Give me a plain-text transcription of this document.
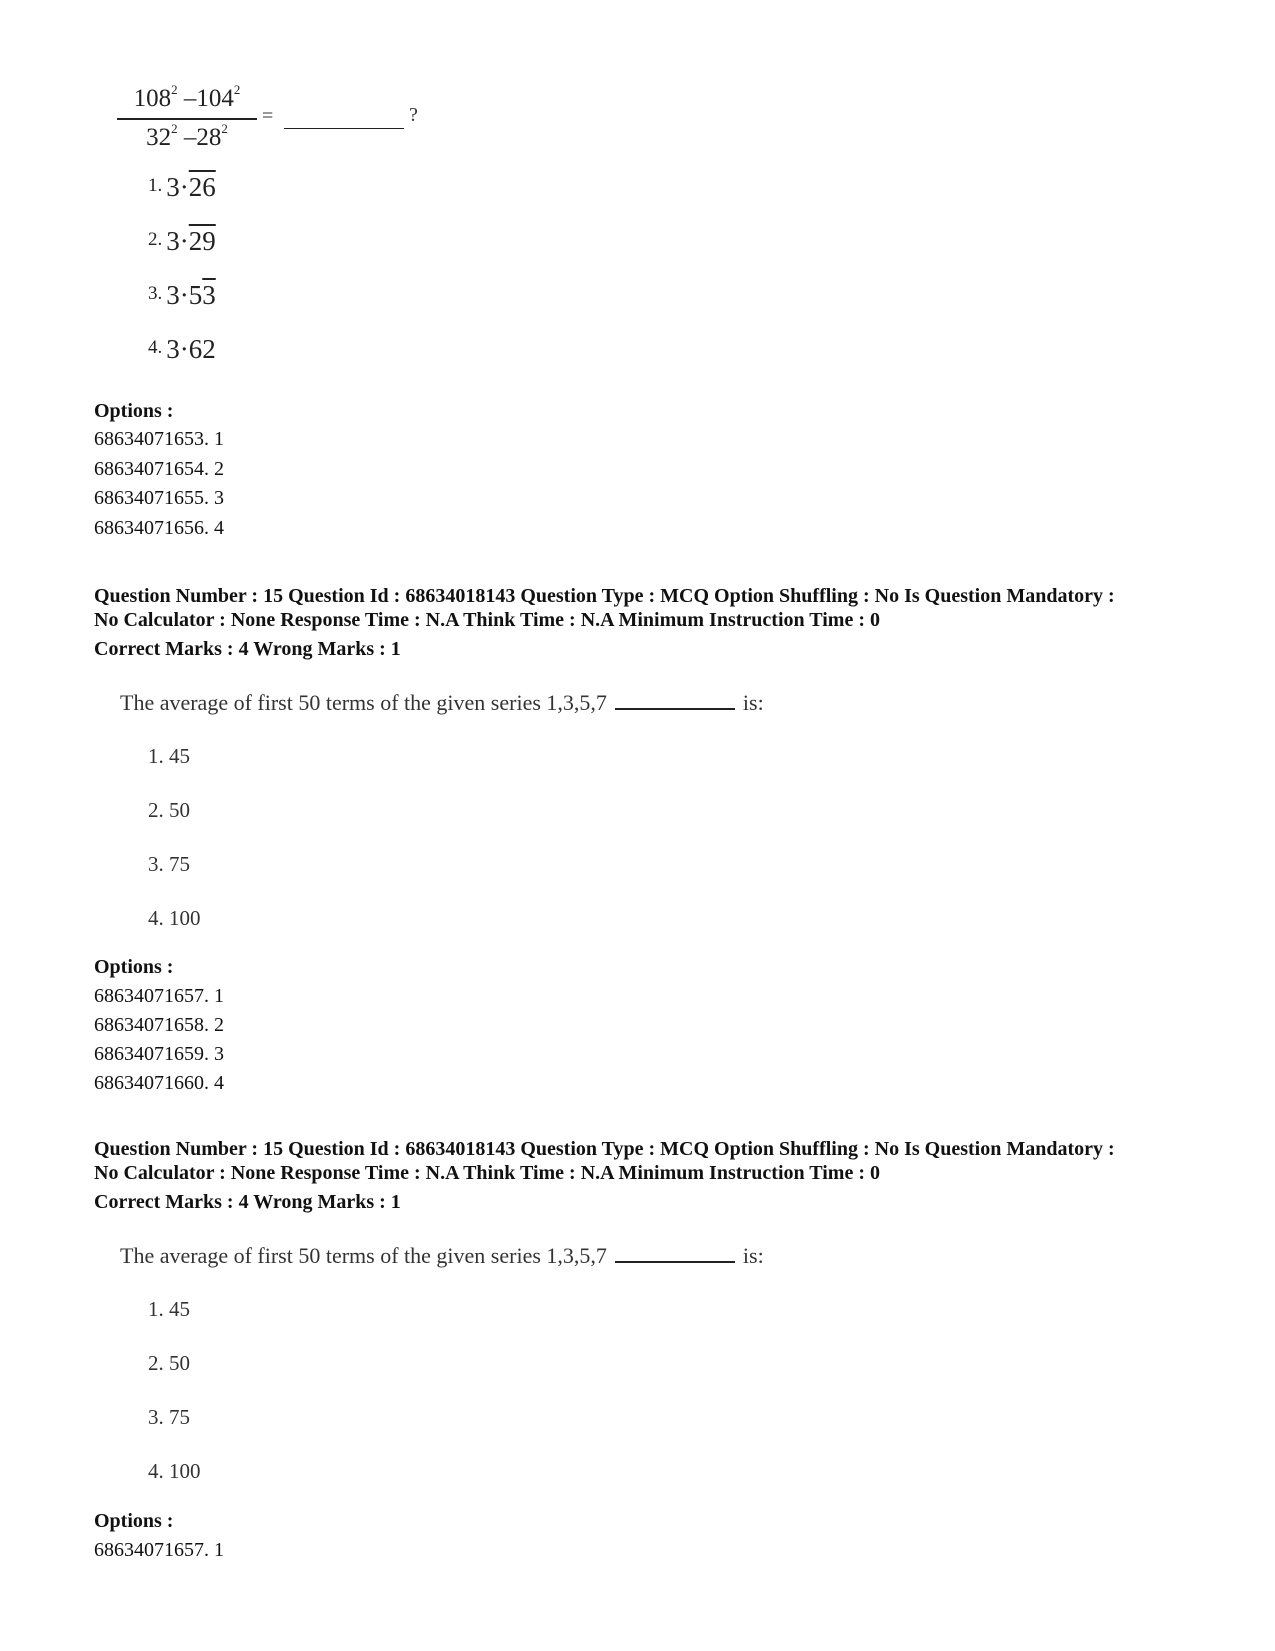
$108^2$ $-104^2$
$32^2$ $-28^2$
=	?
1. 3·26
2. 3·29
3. 3·53
4. 3·62
Options :
68634071653. 1
68634071654. 2
68634071655. 3
68634071656. 4
Question Number : 15 Question Id : 68634018143 Question Type : MCQ Option Shuffling : No Is Question Mandatory :
No Calculator : None Response Time : N.A Think Time : N.A Minimum Instruction Time : 0
Correct Marks : 4 Wrong Marks : 1
The average of first 50 terms of the given series 1,3,5,7	is:
1. 45
2. 50
3. 75
4. 100
Options :
68634071657. 1
68634071658. 2
68634071659. 3
68634071660. 4
Question Number : 15 Question Id : 68634018143 Question Type : MCQ Option Shuffling : No Is Question Mandatory :
No Calculator : None Response Time : N.A Think Time : N.A Minimum Instruction Time : 0
Correct Marks : 4 Wrong Marks : 1
The average of first 50 terms of the given series 1,3,5,7	is:
1. 45
2. 50
3. 75
4. 100
Options :
68634071657. 1
